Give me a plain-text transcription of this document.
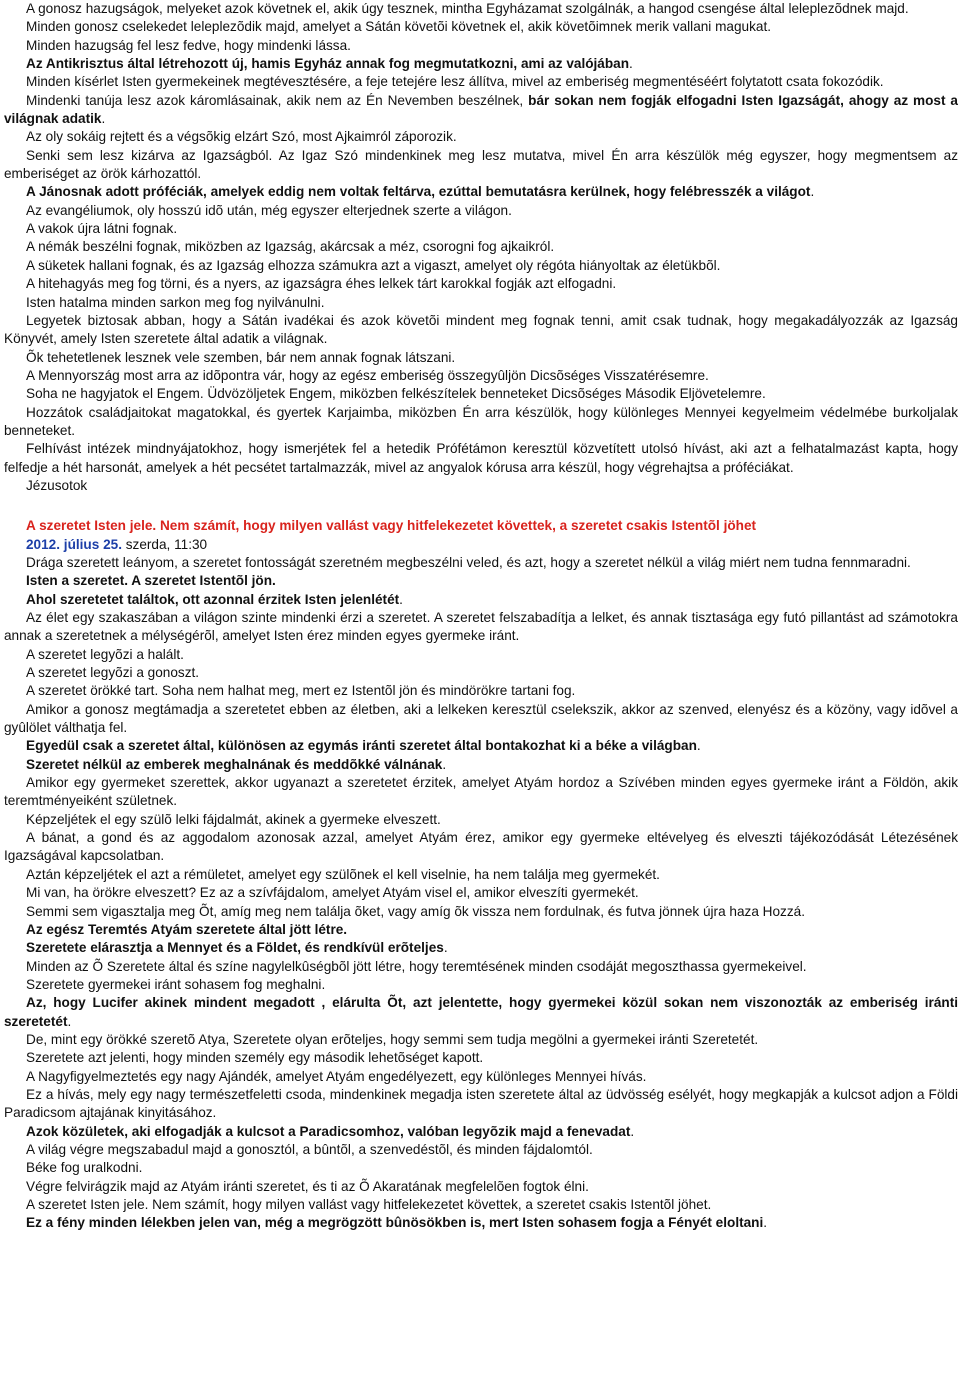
A gonosz hazugságok, melyeket azok követnek el, akik úgy tesznek, mintha Egyházamat szolgálnák, a hangod csengése által leleplezõdnek majd.

Minden gonosz cselekedet leleplezõdik majd, amelyet a Sátán követõi követnek el, akik követõimnek merik vallani magukat.

Minden hazugság fel lesz fedve, hogy mindenki lássa.

Az Antikrisztus által létrehozott új, hamis Egyház annak fog megmutatkozni, ami az valójában.

Minden kísérlet Isten gyermekeinek megtévesztésére, a feje tetejére lesz állítva, mivel az emberiség megmentéséért folytatott csata fokozódik.

Mindenki tanúja lesz azok káromlásainak, akik nem az Én Nevemben beszélnek, bár sokan nem fogják elfogadni Isten Igazságát, ahogy az most a világnak adatik.

Az oly sokáig rejtett és a végsõkig elzárt Szó, most Ajkaimról záporozik.

Senki sem lesz kizárva az Igazságból. Az Igaz Szó mindenkinek meg lesz mutatva, mivel Én arra készülök még egyszer, hogy megmentsem az emberiséget az örök kárhozattól.

A Jánosnak adott próféciák, amelyek eddig nem voltak feltárva, ezúttal bemutatásra kerülnek, hogy felébresszék a világot.

Az evangéliumok, oly hosszú idõ után, még egyszer elterjednek szerte a világon.

A vakok újra látni fognak.

A némák beszélni fognak, miközben az Igazság, akárcsak a méz, csorogni fog ajkaikról.

A süketek hallani fognak, és az Igazság elhozza számukra azt a vigaszt, amelyet oly régóta hiányoltak az életükbõl.

A hitehagyás meg fog törni, és a nyers, az igazságra éhes lelkek tárt karokkal fogják azt elfogadni.

Isten hatalma minden sarkon meg fog nyilvánulni.

Legyetek biztosak abban, hogy a Sátán ivadékai és azok követõi mindent meg fognak tenni, amit csak tudnak, hogy megakadályozzák az Igazság Könyvét, amely Isten szeretete által adatik a világnak.

Õk tehetetlenek lesznek vele szemben, bár nem annak fognak látszani.

A Mennyország most arra az idõpontra vár, hogy az egész emberiség összegyûljön Dicsõséges Visszatérésemre.

Soha ne hagyjatok el Engem. Üdvözöljetek Engem, miközben felkészítelek benneteket Dicsõséges Második Eljövetelemre.

Hozzátok családjaitokat magatokkal, és gyertek Karjaimba, miközben Én arra készülök, hogy különleges Mennyei kegyelmeim védelmébe burkoljalak benneteket.

Felhívást intézek mindnyájatokhoz, hogy ismerjétek fel a hetedik Prófétámon keresztül közvetített utolsó hívást, aki azt a felhatalmazást kapta, hogy felfedje a hét harsonát, amelyek a hét pecsétet tartalmazzák, mivel az angyalok kórusa arra készül, hogy végrehajtsa a próféciákat.

Jézusotok

A szeretet Isten jele. Nem számít, hogy milyen vallást vagy hitfelekezetet követtek, a szeretet csakis Istentõl jöhet

2012. július 25. szerda, 11:30

Drága szeretett leányom, a szeretet fontosságát szeretném megbeszélni veled, és azt, hogy a szeretet nélkül a világ miért nem tudna fennmaradni.

Isten a szeretet. A szeretet Istentõl jön.

Ahol szeretetet találtok, ott azonnal érzitek Isten jelenlétét.

Az élet egy szakaszában a világon szinte mindenki érzi a szeretet. A szeretet felszabadítja a lelket, és annak tisztasága egy futó pillantást ad számotokra annak a szeretetnek a mélységérõl, amelyet Isten érez minden egyes gyermeke iránt.

A szeretet legyõzi a halált.

A szeretet legyõzi a gonoszt.

A szeretet örökké tart. Soha nem halhat meg, mert ez Istentõl jön és mindörökre tartani fog.

Amikor a gonosz megtámadja a szeretetet ebben az életben, aki a lelkeken keresztül cselekszik, akkor az szenved, elenyész és a közöny, vagy idõvel a gyûlölet válthatja fel.

Egyedül csak a szeretet által, különösen az egymás iránti szeretet által bontakozhat ki a béke a világban.

Szeretet nélkül az emberek meghalnának és meddõkké válnának.

Amikor egy gyermeket szerettek, akkor ugyanazt a szeretetet érzitek, amelyet Atyám hordoz a Szívében minden egyes gyermeke iránt a Földön, akik teremtményeiként születnek.

Képzeljétek el egy szülõ lelki fájdalmát, akinek a gyermeke elveszett.

A bánat, a gond és az aggodalom azonosak azzal, amelyet Atyám érez, amikor egy gyermeke eltévelyeg és elveszti tájékozódását Létezésének Igazságával kapcsolatban.

Aztán képzeljétek el azt a rémületet, amelyet egy szülõnek el kell viselnie, ha nem találja meg gyermekét.

Mi van, ha örökre elveszett? Ez az a szívfájdalom, amelyet Atyám visel el, amikor elveszíti gyermekét.

Semmi sem vigasztalja meg Õt, amíg meg nem találja õket, vagy amíg õk vissza nem fordulnak, és futva jönnek újra haza Hozzá.

Az egész Teremtés Atyám szeretete által jött létre.

Szeretete elárasztja a Mennyet és a Földet, és rendkívül erõteljes.

Minden az Õ Szeretete által és színe nagylelkûségbõl jött létre, hogy teremtésének minden csodáját megoszthassa gyermekeivel.

Szeretete gyermekei iránt sohasem fog meghalni.

Az, hogy Lucifer akinek mindent megadott , elárulta Õt, azt jelentette, hogy gyermekei közül sokan nem viszonozták az emberiség iránti szeretetét.

De, mint egy örökké szeretõ Atya, Szeretete olyan erõteljes, hogy semmi sem tudja megölni a gyermekei iránti Szeretetét.

Szeretete azt jelenti, hogy minden személy egy második lehetõséget kapott.

A Nagyfigyelmeztetés egy nagy Ajándék, amelyet Atyám engedélyezett, egy különleges Mennyei hívás.

Ez a hívás, mely egy nagy természetfeletti csoda, mindenkinek megadja isten szeretete által az üdvösség esélyét, hogy megkapják a kulcsot adjon a Földi Paradicsom ajtajának kinyitásához.

Azok közületek, aki elfogadják a kulcsot a Paradicsomhoz, valóban legyõzik majd a fenevadat.

A világ végre megszabadul majd a gonosztól, a bûntõl, a szenvedéstõl, és minden fájdalomtól.

Béke fog uralkodni.

Végre felvirágzik majd az Atyám iránti szeretet, és ti az Õ Akaratának megfelelõen fogtok élni.

A szeretet Isten jele. Nem számít, hogy milyen vallást vagy hitfelekezetet követtek, a szeretet csakis Istentõl jöhet.

Ez a fény minden lélekben jelen van, még a megrögzött bûnösökben is, mert Isten sohasem fogja a Fényét eloltani.
